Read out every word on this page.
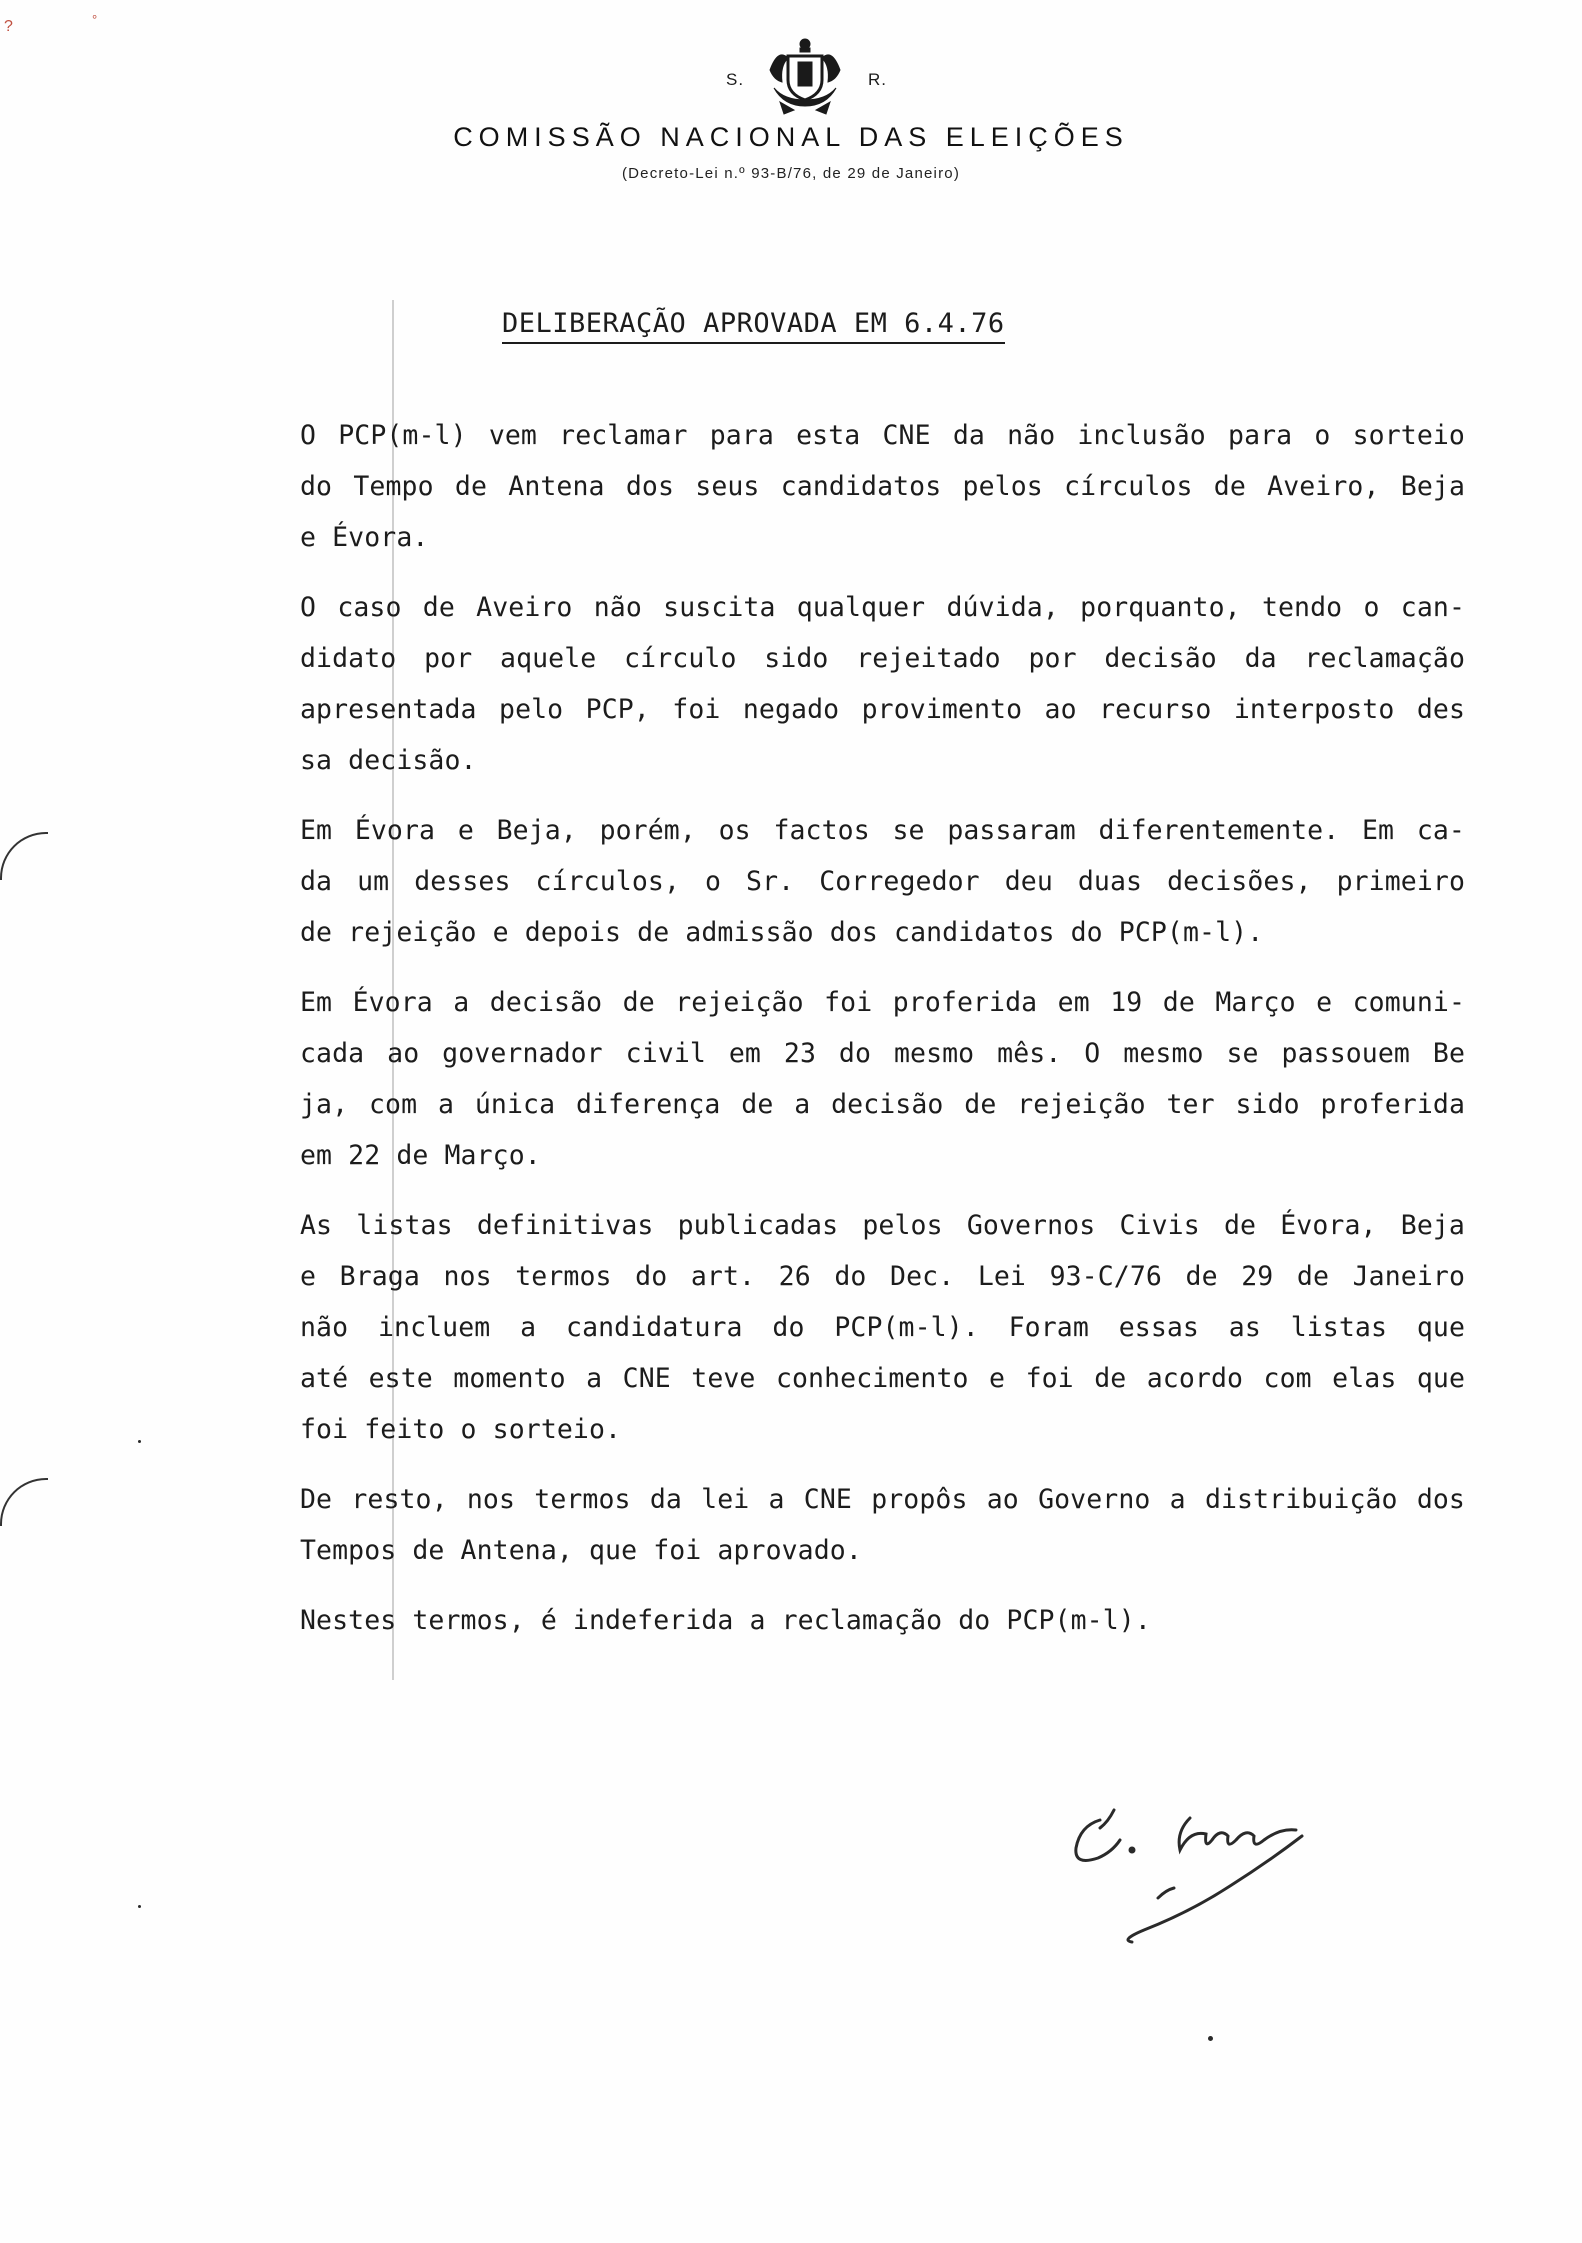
?	°
S.	R.
COMISSÃO NACIONAL DAS ELEIÇÕES
(Decreto-Lei n.º 93-B/76, de 29 de Janeiro)
DELIBERAÇÃO APROVADA EM 6.4.76
O PCP(m-l) vem reclamar para esta CNE da não inclusão para o sorteio
do Tempo de Antena dos seus candidatos pelos círculos de Aveiro, Beja
e Évora.
O caso de Aveiro não suscita qualquer dúvida, porquanto, tendo o can-
didato por aquele círculo sido rejeitado por decisão da reclamação
apresentada pelo PCP, foi negado provimento ao recurso interposto des
sa decisão.
Em Évora e Beja, porém, os factos se passaram diferentemente. Em ca-
da um desses círculos, o Sr. Corregedor deu duas decisões, primeiro
de rejeição e depois de admissão dos candidatos do PCP(m-l).
Em Évora a decisão de rejeição foi proferida em 19 de Março e comuni-
cada ao governador civil em 23 do mesmo mês. O mesmo se passouem Be
ja, com a única diferença de a decisão de rejeição ter sido proferida
em 22 de Março.
As listas definitivas publicadas pelos Governos Civis de Évora, Beja
e Braga nos termos do art. 26 do Dec. Lei 93-C/76 de 29 de Janeiro
não incluem a candidatura do PCP(m-l). Foram essas as listas que
até este momento a CNE teve conhecimento e foi de acordo com elas que
foi feito o sorteio.
De resto, nos termos da lei a CNE propôs ao Governo a distribuição dos
Tempos de Antena, que foi aprovado.
Nestes termos, é indeferida a reclamação do PCP(m-l).
